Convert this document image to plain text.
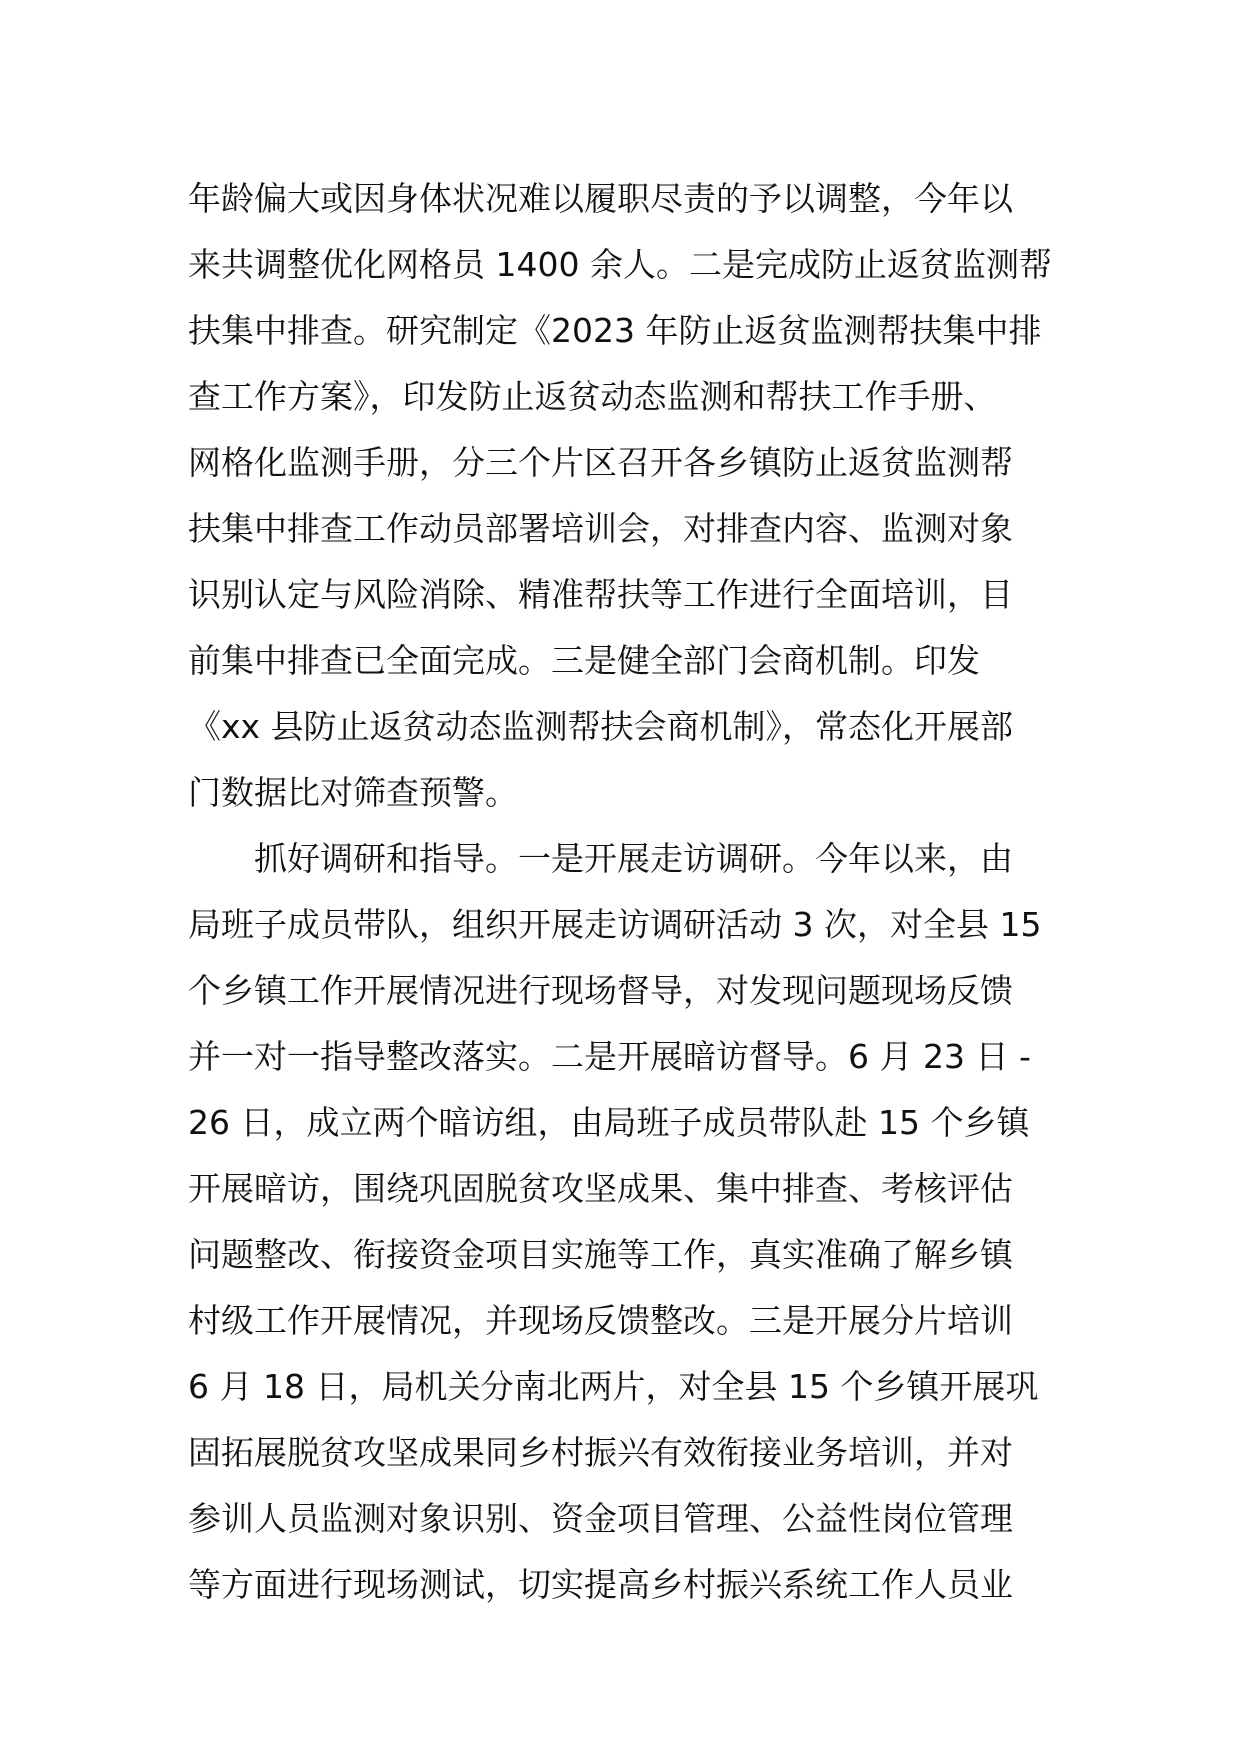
年龄偏大或因身体状况难以履职尽责的予以调整，今年以
来共调整优化网格员 1400 余人。二是完成防止返贫监测帮
扶集中排查。研究制定《2023 年防止返贫监测帮扶集中排
查工作方案》，印发防止返贫动态监测和帮扶工作手册、
网格化监测手册，分三个片区召开各乡镇防止返贫监测帮
扶集中排查工作动员部署培训会，对排查内容、监测对象
识别认定与风险消除、精准帮扶等工作进行全面培训，目
前集中排查已全面完成。三是健全部门会商机制。印发
《xx 县防止返贫动态监测帮扶会商机制》，常态化开展部
门数据比对筛查预警。
抓好调研和指导。一是开展走访调研。今年以来，由
局班子成员带队，组织开展走访调研活动 3 次，对全县 15
个乡镇工作开展情况进行现场督导，对发现问题现场反馈
并一对一指导整改落实。二是开展暗访督导。6 月 23 日 -
26 日，成立两个暗访组，由局班子成员带队赴 15 个乡镇
开展暗访，围绕巩固脱贫攻坚成果、集中排查、考核评估
问题整改、衔接资金项目实施等工作，真实准确了解乡镇
村级工作开展情况，并现场反馈整改。三是开展分片培训
6 月 18 日，局机关分南北两片，对全县 15 个乡镇开展巩
固拓展脱贫攻坚成果同乡村振兴有效衔接业务培训，并对
参训人员监测对象识别、资金项目管理、公益性岗位管理
等方面进行现场测试，切实提高乡村振兴系统工作人员业
